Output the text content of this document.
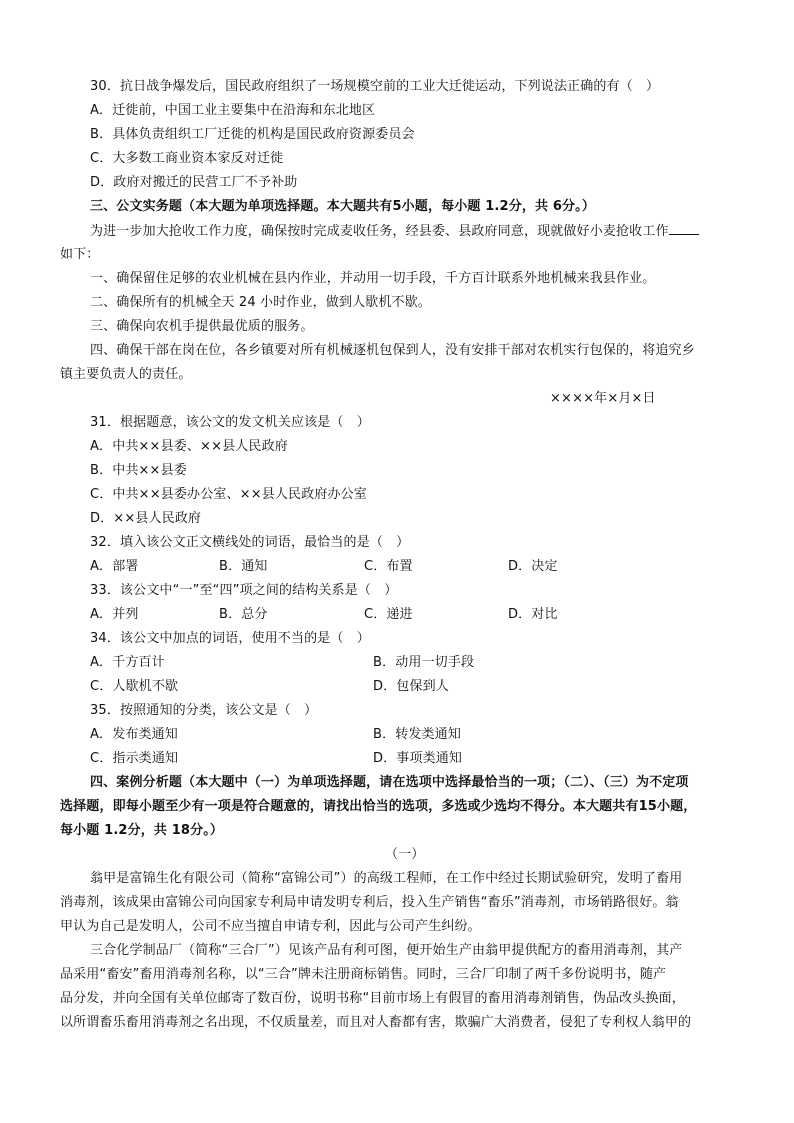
30．抗日战争爆发后，国民政府组织了一场规模空前的工业大迁徙运动，下列说法正确的有（　）
A．迁徙前，中国工业主要集中在沿海和东北地区
B．具体负责组织工厂迁徙的机构是国民政府资源委员会
C．大多数工商业资本家反对迁徙
D．政府对搬迁的民营工厂不予补助
三、公文实务题（本大题为单项选择题。本大题共有5小题，每小题 1.2分，共 6分。）
为进一步加大抢收工作力度，确保按时完成麦收任务，经县委、县政府同意，现就做好小麦抢收工作
如下：
一、确保留住足够的农业机械在县内作业，并动用一切手段，千方百计联系外地机械来我县作业。
二、确保所有的机械全天 24 小时作业，做到人歇机不歇。
三、确保向农机手提供最优质的服务。
四、确保干部在岗在位，各乡镇要对所有机械逐机包保到人，没有安排干部对农机实行包保的，将追究乡
镇主要负责人的责任。
××××年×月×日
31．根据题意，该公文的发文机关应该是（　）
A．中共××县委、××县人民政府
B．中共××县委
C．中共××县委办公室、××县人民政府办公室
D．××县人民政府
32．填入该公文正文横线处的词语，最恰当的是（　）
A．部署	B．通知	C．布置	D．决定
33．该公文中“一”至“四”项之间的结构关系是（　）
A．并列	B．总分	C．递进	D．对比
34．该公文中加点的词语，使用不当的是（　）
A．千方百计	B．动用一切手段
C．人歇机不歇	D．包保到人
35．按照通知的分类，该公文是（　）
A．发布类通知	B．转发类通知
C．指示类通知	D．事项类通知
四、案例分析题（本大题中（一）为单项选择题，请在选项中选择最恰当的一项；（二）、（三）为不定项
选择题，即每小题至少有一项是符合题意的，请找出恰当的选项，多选或少选均不得分。本大题共有15小题，
每小题 1.2分，共 18分。）
（一）
翁甲是富锦生化有限公司（简称“富锦公司”）的高级工程师，在工作中经过长期试验研究，发明了畜用
消毒剂，该成果由富锦公司向国家专利局申请发明专利后，投入生产销售“畜乐”消毒剂，市场销路很好。翁
甲认为自己是发明人，公司不应当擅自申请专利，因此与公司产生纠纷。
三合化学制品厂（简称“三合厂”）见该产品有利可图，便开始生产由翁甲提供配方的畜用消毒剂，其产
品采用“畜安”畜用消毒剂名称，以“三合”牌未注册商标销售。同时，三合厂印制了两千多份说明书，随产
品分发，并向全国有关单位邮寄了数百份，说明书称“目前市场上有假冒的畜用消毒剂销售，伪品改头换面，
以所谓畜乐畜用消毒剂之名出现，不仅质量差，而且对人畜都有害，欺骗广大消费者，侵犯了专利权人翁甲的
